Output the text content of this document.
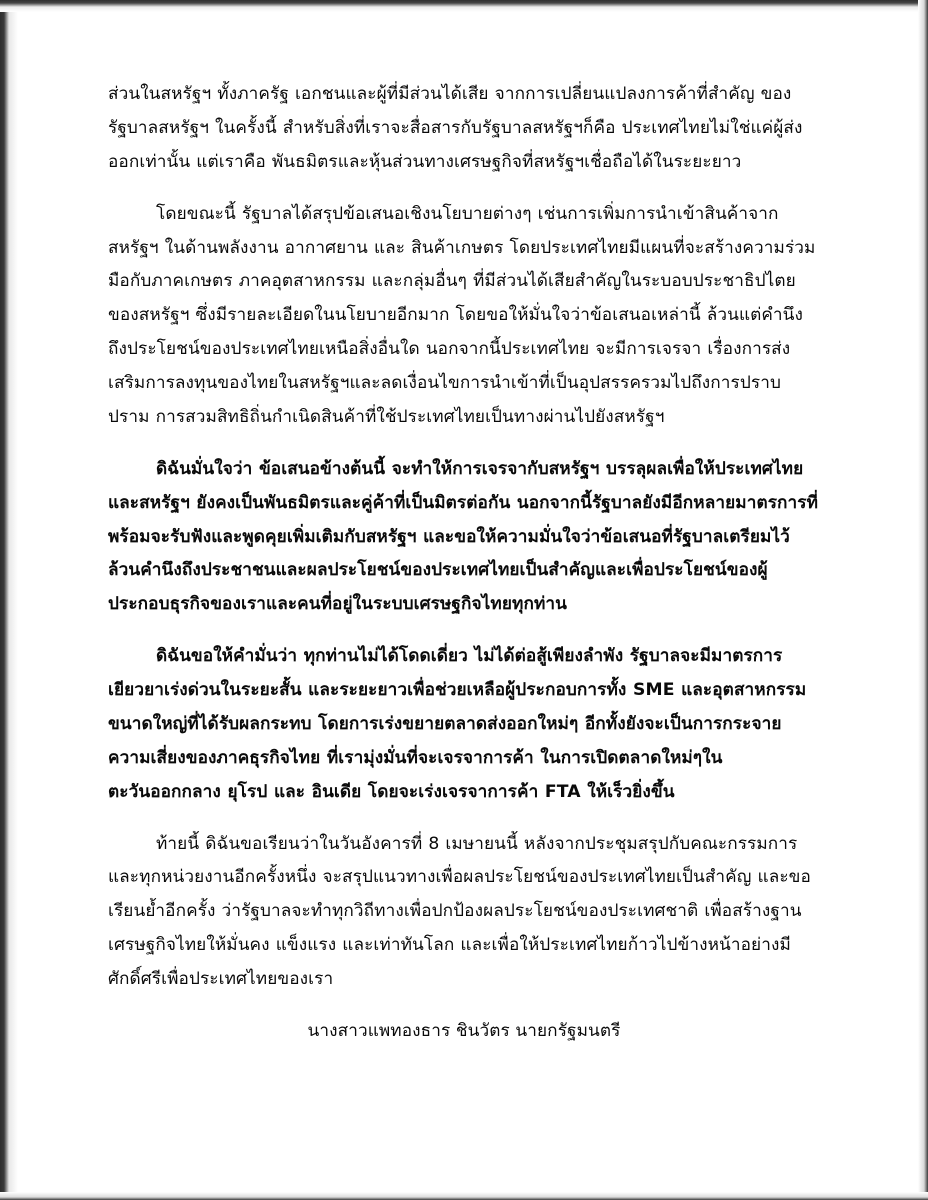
ส่วนในสหรัฐฯ ทั้งภาครัฐ เอกชนและผู้ที่มีส่วนได้เสีย จากการเปลี่ยนแปลงการค้าที่สำคัญ ของรัฐบาลสหรัฐฯ ในครั้งนี้ สำหรับสิ่งที่เราจะสื่อสารกับรัฐบาลสหรัฐฯก็คือ ประเทศไทยไม่ใช่แค่ผู้ส่งออกเท่านั้น แต่เราคือ พันธมิตรและหุ้นส่วนทางเศรษฐกิจที่สหรัฐฯเชื่อถือได้ในระยะยาว

โดยขณะนี้ รัฐบาลได้สรุปข้อเสนอเชิงนโยบายต่างๆ เช่นการเพิ่มการนำเข้าสินค้าจากสหรัฐฯ ในด้านพลังงาน อากาศยาน และ สินค้าเกษตร โดยประเทศไทยมีแผนที่จะสร้างความร่วมมือกับภาคเกษตร ภาคอุตสาหกรรม และกลุ่มอื่นๆ ที่มีส่วนได้เสียสำคัญในระบอบประชาธิปไตยของสหรัฐฯ ซึ่งมีรายละเอียดในนโยบายอีกมาก โดยขอให้มั่นใจว่าข้อเสนอเหล่านี้ ล้วนแต่คำนึงถึงประโยชน์ของประเทศไทยเหนือสิ่งอื่นใด นอกจากนี้ประเทศไทย จะมีการเจรจา เรื่องการส่งเสริมการลงทุนของไทยในสหรัฐฯและลดเงื่อนไขการนำเข้าที่เป็นอุปสรรครวมไปถึงการปราบปราม การสวมสิทธิถิ่นกำเนิดสินค้าที่ใช้ประเทศไทยเป็นทางผ่านไปยังสหรัฐฯ

ดิฉันมั่นใจว่า ข้อเสนอข้างต้นนี้ จะทำให้การเจรจากับสหรัฐฯ บรรลุผลเพื่อให้ประเทศไทยและสหรัฐฯ ยังคงเป็นพันธมิตรและคู่ค้าที่เป็นมิตรต่อกัน นอกจากนี้รัฐบาลยังมีอีกหลายมาตรการที่พร้อมจะรับฟังและพูดคุยเพิ่มเติมกับสหรัฐฯ และขอให้ความมั่นใจว่าข้อเสนอที่รัฐบาลเตรียมไว้ ล้วนคำนึงถึงประชาชนและผลประโยชน์ของประเทศไทยเป็นสำคัญและเพื่อประโยชน์ของผู้ประกอบธุรกิจของเราและคนที่อยู่ในระบบเศรษฐกิจไทยทุกท่าน

ดิฉันขอให้คำมั่นว่า ทุกท่านไม่ได้โดดเดี่ยว ไม่ได้ต่อสู้เพียงลำพัง รัฐบาลจะมีมาตรการเยียวยาเร่งด่วนในระยะสั้น และระยะยาวเพื่อช่วยเหลือผู้ประกอบการทั้ง SME และอุตสาหกรรมขนาดใหญ่ที่ได้รับผลกระทบ โดยการเร่งขยายตลาดส่งออกใหม่ๆ อีกทั้งยังจะเป็นการกระจายความเสี่ยงของภาคธุรกิจไทย ที่เรามุ่งมั่นที่จะเจรจาการค้า ในการเปิดตลาดใหม่ๆในตะวันออกกลาง ยุโรป และ อินเดีย โดยจะเร่งเจรจาการค้า FTA ให้เร็วยิ่งขึ้น

ท้ายนี้ ดิฉันขอเรียนว่าในวันอังคารที่ 8 เมษายนนี้ หลังจากประชุมสรุปกับคณะกรรมการและทุกหน่วยงานอีกครั้งหนึ่ง จะสรุปแนวทางเพื่อผลประโยชน์ของประเทศไทยเป็นสำคัญ และขอเรียนย้ำอีกครั้ง ว่ารัฐบาลจะทำทุกวิถีทางเพื่อปกป้องผลประโยชน์ของประเทศชาติ เพื่อสร้างฐานเศรษฐกิจไทยให้มั่นคง แข็งแรง และเท่าทันโลก และเพื่อให้ประเทศไทยก้าวไปข้างหน้าอย่างมีศักดิ์ศรีเพื่อประเทศไทยของเรา

นางสาวแพทองธาร ชินวัตร นายกรัฐมนตรี
